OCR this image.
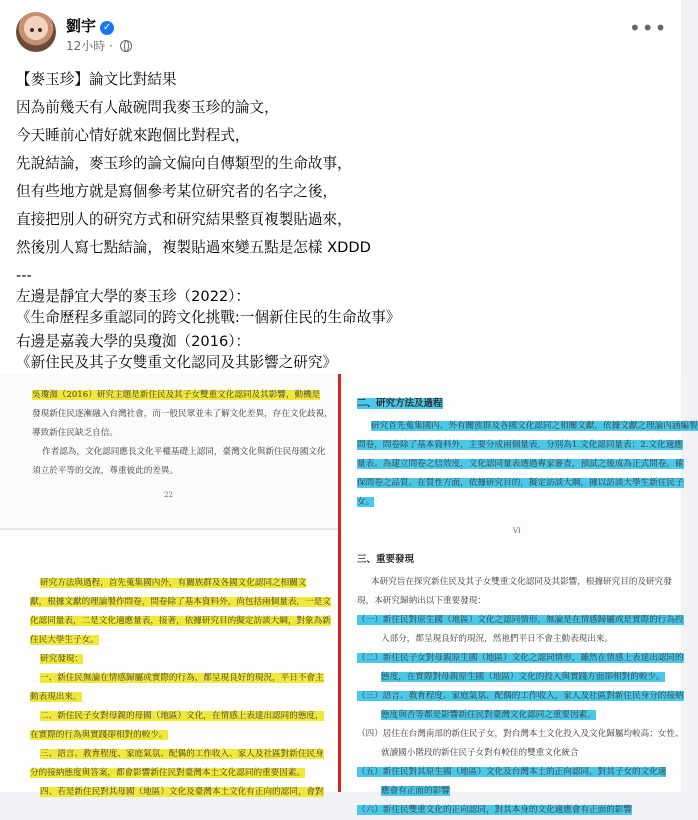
劉宇 ✓
12小時 ·
•••

【麥玉珍】論文比對結果

因為前幾天有人敲碗問我麥玉珍的論文，

今天睡前心情好就來跑個比對程式，

先說結論，麥玉珍的論文偏向自傳類型的生命故事，

但有些地方就是寫個參考某位研究者的名字之後，

直接把別人的研究方式和研究結果整頁複製貼過來，

然後別人寫七點結論，複製貼過來變五點是怎樣 XDDD

---

左邊是靜宜大學的麥玉珍（2022）：

《生命歷程多重認同的跨文化挑戰:一個新住民的生命故事》

右邊是嘉義大學的吳瓊洳（2016）：

《新住民及其子女雙重文化認同及其影響之研究》

吳瓊洳（2016）研究主題是新住民及其子女雙重文化認同及其影響，動機是
發現新住民逐漸融入台灣社會，而一般民眾並未了解文化差異，存在文化歧視，
導致新住民缺乏自信。
作者認為，文化認同應長文化平權基礎上認同，臺灣文化與新住民母國文化
須立於平等的交流，尊重彼此的差異。
22
研究方法與過程，首先蒐集國內外，有關族群及各國文化認同之相關文
獻，根據文獻的理論製作問卷，問卷除了基本資料外，尚包括兩個量表，一是文
化認同量表，二是文化適應量表，接著，依據研究目的擬定訪談大綱，對象為新
住民大學生子女。
研究發現：
一、新住民無論在情感歸屬或實際的行為，都呈現良好的現況，平日不會主
動表現出來。
二、新住民子女對母親的母國（地區）文化，在情感上表達出認同的態度，
在實際的行為與實踐卻相對的較少。
三、語言、教育程度、家庭氣氛、配偶的工作收入、家人及社區對新住民身
分的接納態度與答案，都會影響新住民對臺灣本土文化認同的重要因素。
四、若是新住民對其母國（地區）文化及臺灣本土文化有正向的認同，會對
二、研究方法及過程
研究首先蒐集國內、外有關族群及各國文化認同之相關文獻，依據文獻之理論內涵編製
問卷，問卷除了基本資料外，主要分成兩個量表，分別為1.文化認同量表；2.文化適應
量表。為建立問卷之信效度，文化認同量表透過專家審查，預試之後成為正式問卷，確
保問卷之品質。在質性方面，依據研究目的，擬定訪談大綱，據以訪談大學生新住民子
女。
VI
三、重要發現
本研究旨在探究新住民及其子女雙重文化認同及其影響，根據研究目的及研究發
現，本研究歸納出以下重要發現：
（一）新住民對原生國（地區）文化之認同情形，無論是在情感歸屬或是實際的行為投
入部分，都呈現良好的現況，然祂們平日不會主動表現出來。
（二）新住民子女對母親原生國（地區）文化之認同情形，雖然在情感上表達出認同的
態度，在實際對母親原生國（地區）文化的投入與實踐方面卻相對的較少。
（三）語言、教育程度、家庭氣氛、配偶的工作收入，家人及社區對新住民身分的接納
態度與否等都是影響新住民對臺灣文化認同之重要因素。
（四）居住在台灣南部的新住民子女，對台灣本土文化投入及文化歸屬均較高；女性、
就讀國小階段的新住民子女對有較佳的雙重文化統合
（五）新住民對其原生國（地區）文化及台灣本土的正向認同，對其子女的文化適
應會有正面的影響
（六）新住民雙重文化的正向認同，對其本身的文化適應會有正面的影響
